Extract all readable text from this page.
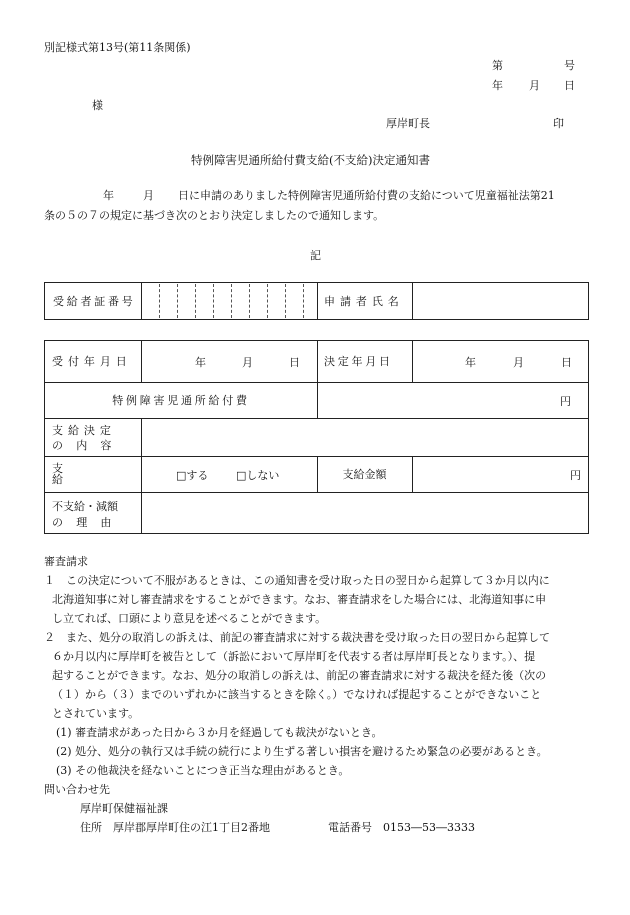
別記様式第13号(第11条関係)
第	号
年 月 日
様
厚岸町長	印
特例障害児通所給付費支給(不支給)決定通知書
年	月 日に申請のありました特例障害児通所給付費の支給について児童福祉法第21
条の５の７の規定に基づき次のとおり決定しましたので通知します。
記
受給者証番号	申請者氏名
受付年月日	年	月	日 決定年月日	年	月	日
特例障害児通所給付費	円
支給決定
の内容
支給	□する	□しない	支給金額	円
不支給・減額
の理由
審査請求
１　この決定について不服があるときは、この通知書を受け取った日の翌日から起算して３か月以内に
北海道知事に対し審査請求をすることができます。なお、審査請求をした場合には、北海道知事に申
し立てれば、口頭により意見を述べることができます。
２　また、処分の取消しの訴えは、前記の審査請求に対する裁決書を受け取った日の翌日から起算して
６か月以内に厚岸町を被告として（訴訟において厚岸町を代表する者は厚岸町長となります。）、提
起することができます。なお、処分の取消しの訴えは、前記の審査請求に対する裁決を経た後（次の
（１）から（３）までのいずれかに該当するときを除く。）でなければ提起することができないこと
とされています。
(1) 審査請求があった日から３か月を経過しても裁決がないとき。
(2) 処分、処分の執行又は手続の続行により生ずる著しい損害を避けるため緊急の必要があるとき。
(3) その他裁決を経ないことにつき正当な理由があるとき。
問い合わせ先
厚岸町保健福祉課
住所　厚岸郡厚岸町住の江1丁目2番地	電話番号　0153―53―3333
